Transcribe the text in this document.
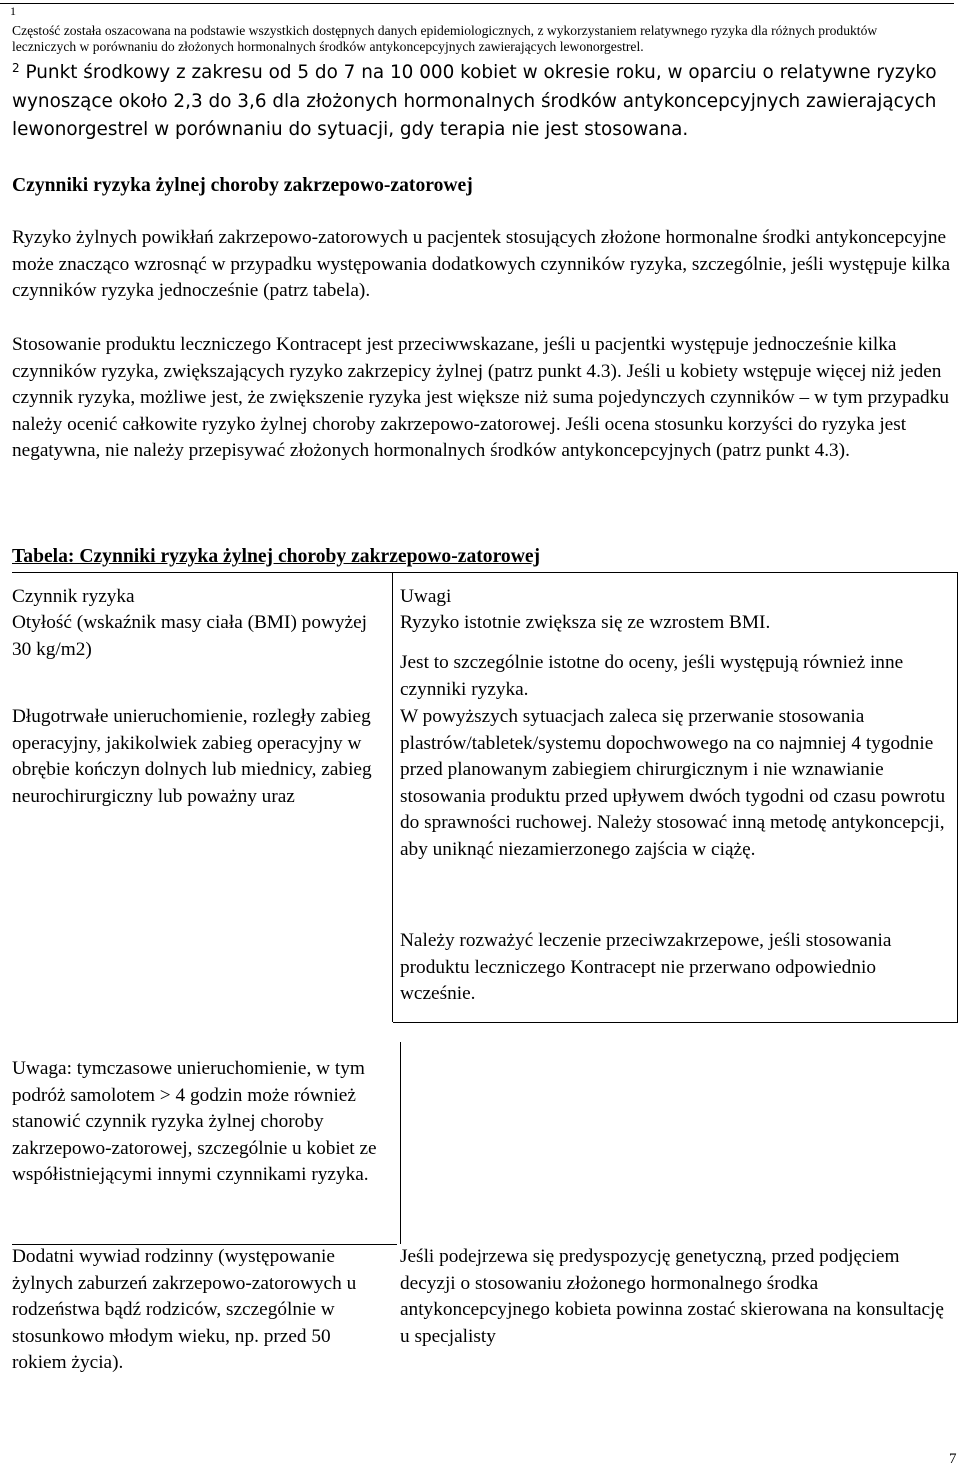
1
Częstość została oszacowana na podstawie wszystkich dostępnych danych epidemiologicznych, z wykorzystaniem relatywnego ryzyka dla różnych produktów
leczniczych w porównaniu do złożonych hormonalnych środków antykoncepcyjnych zawierających lewonorgestrel.
$^2$ Punkt środkowy z zakresu od 5 do 7 na 10 000 kobiet w okresie roku, w oparciu o relatywne ryzyko wynoszące około 2,3 do 3,6 dla złożonych hormonalnych środków antykoncepcyjnych zawierających lewonorgestrel w porównaniu do sytuacji, gdy terapia nie jest stosowana.
Czynniki ryzyka żylnej choroby zakrzepowo-zatorowej
Ryzyko żylnych powikłań zakrzepowo-zatorowych u pacjentek stosujących złożone hormonalne środki antykoncepcyjne może znacząco wzrosnąć w przypadku występowania dodatkowych czynników ryzyka, szczególnie, jeśli występuje kilka czynników ryzyka jednocześnie (patrz tabela).
Stosowanie produktu leczniczego Kontracept jest przeciwwskazane, jeśli u pacjentki występuje jednocześnie kilka czynników ryzyka, zwiększających ryzyko zakrzepicy żylnej (patrz punkt 4.3). Jeśli u kobiety wstępuje więcej niż jeden czynnik ryzyka, możliwe jest, że zwiększenie ryzyka jest większe niż suma pojedynczych czynników – w tym przypadku należy ocenić całkowite ryzyko żylnej choroby zakrzepowo-zatorowej. Jeśli ocena stosunku korzyści do ryzyka jest negatywna, nie należy przepisywać złożonych hormonalnych środków antykoncepcyjnych (patrz punkt 4.3).
Tabela: Czynniki ryzyka żylnej choroby zakrzepowo-zatorowej
Czynnik ryzyka	Uwagi
Otyłość (wskaźnik masy ciała (BMI) powyżej 30 kg/m2)
Ryzyko istotnie zwiększa się ze wzrostem BMI.
Jest to szczególnie istotne do oceny, jeśli występują również inne czynniki ryzyka.
Długotrwałe unieruchomienie, rozległy zabieg operacyjny, jakikolwiek zabieg operacyjny w obrębie kończyn dolnych lub miednicy, zabieg neurochirurgiczny lub poważny uraz
W powyższych sytuacjach zaleca się przerwanie stosowania plastrów/tabletek/systemu dopochwowego na co najmniej 4 tygodnie przed planowanym zabiegiem chirurgicznym i nie wznawianie stosowania produktu przed upływem dwóch tygodni od czasu powrotu do sprawności ruchowej. Należy stosować inną metodę antykoncepcji, aby uniknąć niezamierzonego zajścia w ciążę.
Należy rozważyć leczenie przeciwzakrzepowe, jeśli stosowania produktu leczniczego Kontracept nie przerwano odpowiednio wcześnie.
Uwaga: tymczasowe unieruchomienie, w tym podróż samolotem > 4 godzin może również stanowić czynnik ryzyka żylnej choroby zakrzepowo-zatorowej, szczególnie u kobiet ze współistniejącymi innymi czynnikami ryzyka.
Dodatni wywiad rodzinny (występowanie żylnych zaburzeń zakrzepowo-zatorowych u rodzeństwa bądź rodziców, szczególnie w stosunkowo młodym wieku, np. przed 50 rokiem życia).
Jeśli podejrzewa się predyspozycję genetyczną, przed podjęciem decyzji o stosowaniu złożonego hormonalnego środka antykoncepcyjnego kobieta powinna zostać skierowana na konsultację u specjalisty
7
